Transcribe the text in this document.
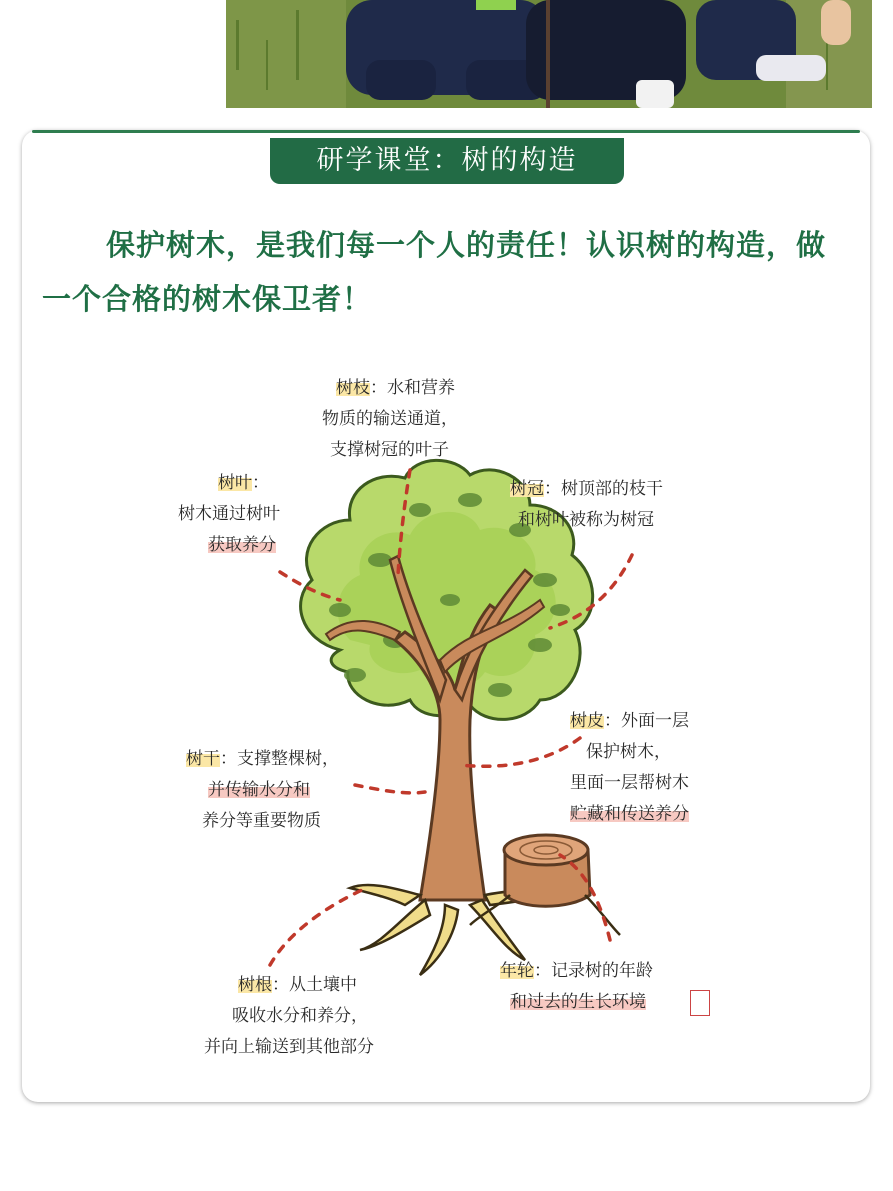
研学课堂：树的构造
保护树木，是我们每一个人的责任！认识树的构造，做一个合格的树木保卫者！
树枝：水和营养
物质的输送通道，
支撑树冠的叶子
树叶：
树木通过树叶
获取养分
树冠：树顶部的枝干
和树叶被称为树冠
树皮：外面一层
保护树木，
里面一层帮树木
贮藏和传送养分
树干：支撑整棵树，
并传输水分和
养分等重要物质
树根：从土壤中
吸收水分和养分，
并向上输送到其他部分
年轮：记录树的年龄
和过去的生长环境
